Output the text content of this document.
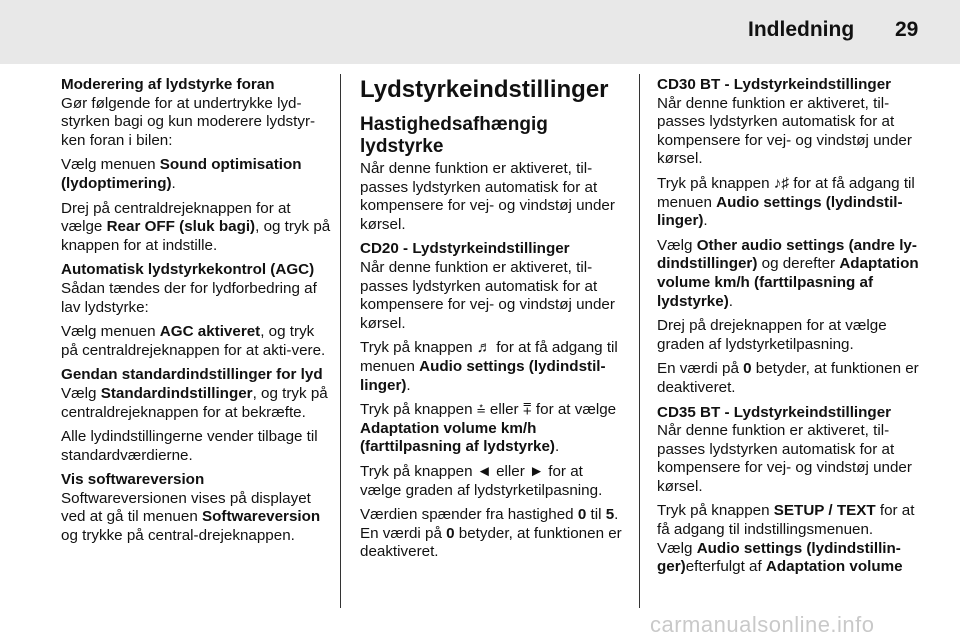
Indledning 29

Moderering af lydstyrke foran

Gør følgende for at undertrykke lyd-styrken bagi og kun moderere lydstyr-ken foran i bilen:

Vælg menuen Sound optimisation (lydoptimering).

Drej på centraldrejeknappen for at vælge Rear OFF (sluk bagi), og tryk på knappen for at indstille.

Automatisk lydstyrkekontrol (AGC)

Sådan tændes der for lydforbedring af lav lydstyrke:

Vælg menuen AGC aktiveret, og tryk på centraldrejeknappen for at akti-vere.

Gendan standardindstillinger for lyd

Vælg Standardindstillinger, og tryk på centraldrejeknappen for at bekræfte.

Alle lydindstillingerne vender tilbage til standardværdierne.

Vis softwareversion

Softwareversionen vises på displayet ved at gå til menuen Softwareversion og trykke på central-drejeknappen.

Lydstyrkeindstillinger
Hastighedsafhængig lydstyrke

Når denne funktion er aktiveret, til-passes lydstyrken automatisk for at kompensere for vej- og vindstøj under kørsel.

CD20 - Lydstyrkeindstillinger

Når denne funktion er aktiveret, til-passes lydstyrken automatisk for at kompensere for vej- og vindstøj under kørsel.

Tryk på knappen ♬ for at få adgang til menuen Audio settings (lydindstil-linger).

Tryk på knappen ⩮ eller ⩱ for at vælge Adaptation volume km/h (farttilpasning af lydstyrke).

Tryk på knappen ◄ eller ► for at vælge graden af lydstyrketilpasning.

Værdien spænder fra hastighed 0 til 5.

En værdi på 0 betyder, at funktionen er deaktiveret.

CD30 BT - Lydstyrkeindstillinger

Når denne funktion er aktiveret, til-passes lydstyrken automatisk for at kompensere for vej- og vindstøj under kørsel.

Tryk på knappen ♪♯ for at få adgang til menuen Audio settings (lydindstil-linger).

Vælg Other audio settings (andre ly-dindstillinger) og derefter Adaptation volume km/h (farttilpasning af lydstyrke).

Drej på drejeknappen for at vælge graden af lydstyrketilpasning.

En værdi på 0 betyder, at funktionen er deaktiveret.

CD35 BT - Lydstyrkeindstillinger

Når denne funktion er aktiveret, til-passes lydstyrken automatisk for at kompensere for vej- og vindstøj under kørsel.

Tryk på knappen SETUP / TEXT for at få adgang til indstillingsmenuen.

Vælg Audio settings (lydindstillin-ger)efterfulgt af Adaptation volume

carmanualsonline.info
